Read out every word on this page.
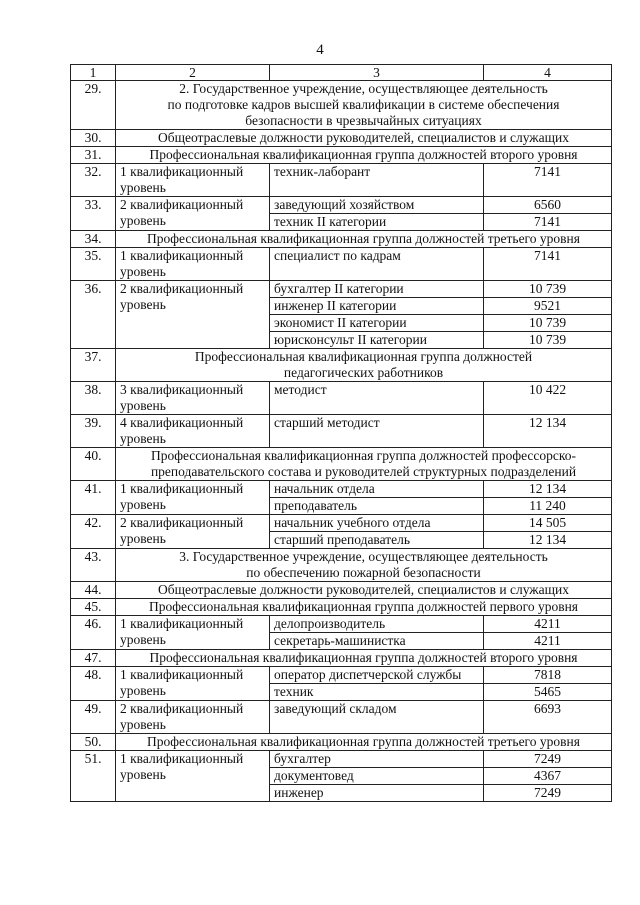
4
1	2	3	4
29.	2. Государственное учреждение, осуществляющее деятельность
по подготовке кадров высшей квалификации в системе обеспечения
безопасности в чрезвычайных ситуациях		

30.	Общеотраслевые должности руководителей, специалистов и служащих		

31.	Профессиональная квалификационная группа должностей второго уровня		

32.	1 квалификационный
уровень	техник-лаборант	7141
33.	2 квалификационный
уровень	заведующий хозяйством	6560
		техник II категории	7141
34.	Профессиональная квалификационная группа должностей третьего уровня		

35.	1 квалификационный
уровень	специалист по кадрам	7141
36.	2 квалификационный
уровень	бухгалтер II категории	10 739
		инженер II категории	9521
		экономист II категории	10 739
		юрисконсульт II категории	10 739
37.	Профессиональная квалификационная группа должностей
педагогических работников		

38.	3 квалификационный
уровень	методист	10 422
39.	4 квалификационный
уровень	старший методист	12 134
40.	Профессиональная квалификационная группа должностей профессорско-
преподавательского состава и руководителей структурных подразделений		

41.	1 квалификационный
уровень	начальник отдела	12 134
		преподаватель	11 240
42.	2 квалификационный
уровень	начальник учебного отдела	14 505
		старший преподаватель	12 134
43.	3. Государственное учреждение, осуществляющее деятельность
по обеспечению пожарной безопасности		

44.	Общеотраслевые должности руководителей, специалистов и служащих		

45.	Профессиональная квалификационная группа должностей первого уровня		

46.	1 квалификационный
уровень	делопроизводитель	4211
		секретарь-машинистка	4211
47.	Профессиональная квалификационная группа должностей второго уровня		

48.	1 квалификационный
уровень	оператор диспетчерской службы	7818
		техник	5465
49.	2 квалификационный
уровень	заведующий складом	6693
50.	Профессиональная квалификационная группа должностей третьего уровня		

51.	1 квалификационный
уровень	бухгалтер	7249
		документовед	4367
		инженер	7249
